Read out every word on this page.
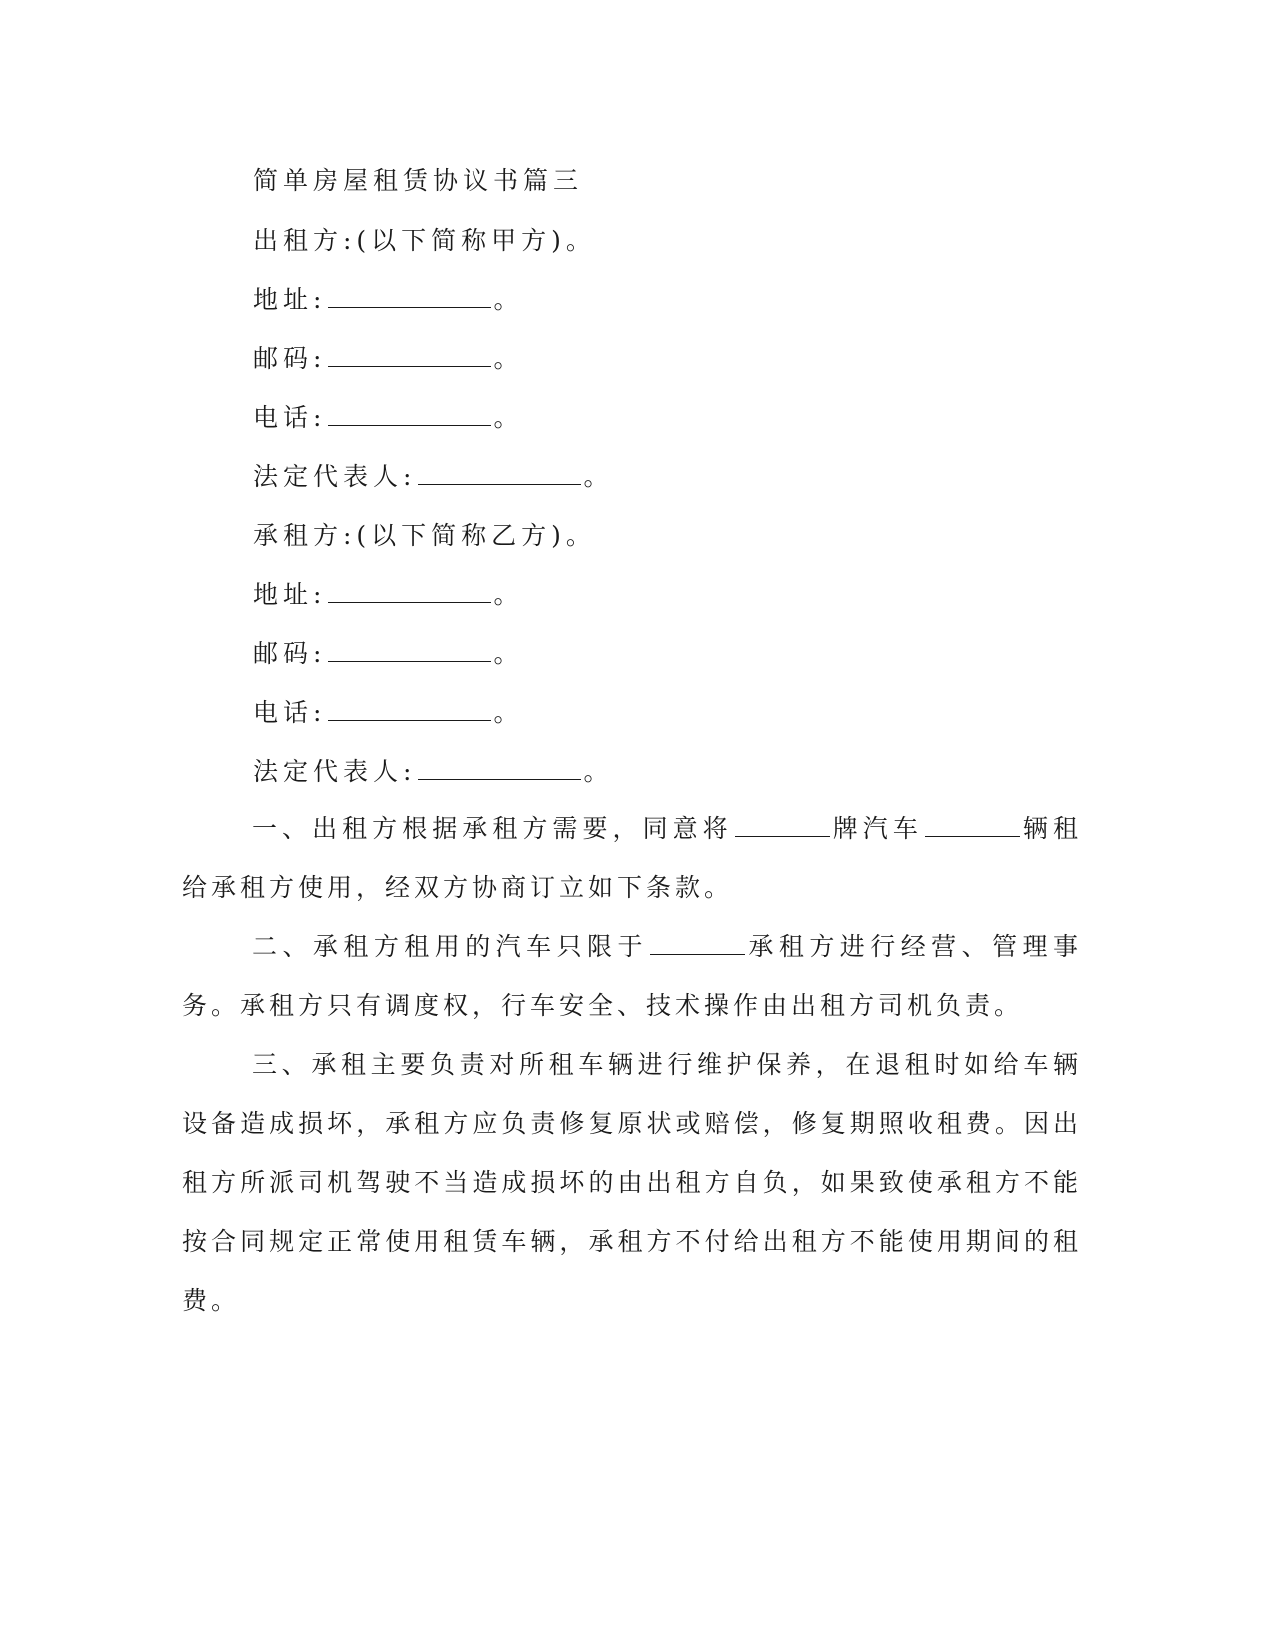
简单房屋租赁协议书篇三
出租方:(以下简称甲方)。
地址:	。
邮码:	。
电话:	。
法定代表人:	。
承租方:(以下简称乙方)。
地址:	。
邮码:	。
电话:	。
法定代表人:	。
一、出租方根据承租方需要，同意将	牌汽车	辆租给承租方使用，经双方协商订立如下条款。
二、承租方租用的汽车只限于	承租方进行经营、管理事务。承租方只有调度权，行车安全、技术操作由出租方司机负责。
三、承租主要负责对所租车辆进行维护保养，在退租时如给车辆设备造成损坏，承租方应负责修复原状或赔偿，修复期照收租费。因出租方所派司机驾驶不当造成损坏的由出租方自负，如果致使承租方不能按合同规定正常使用租赁车辆，承租方不付给出租方不能使用期间的租费。
